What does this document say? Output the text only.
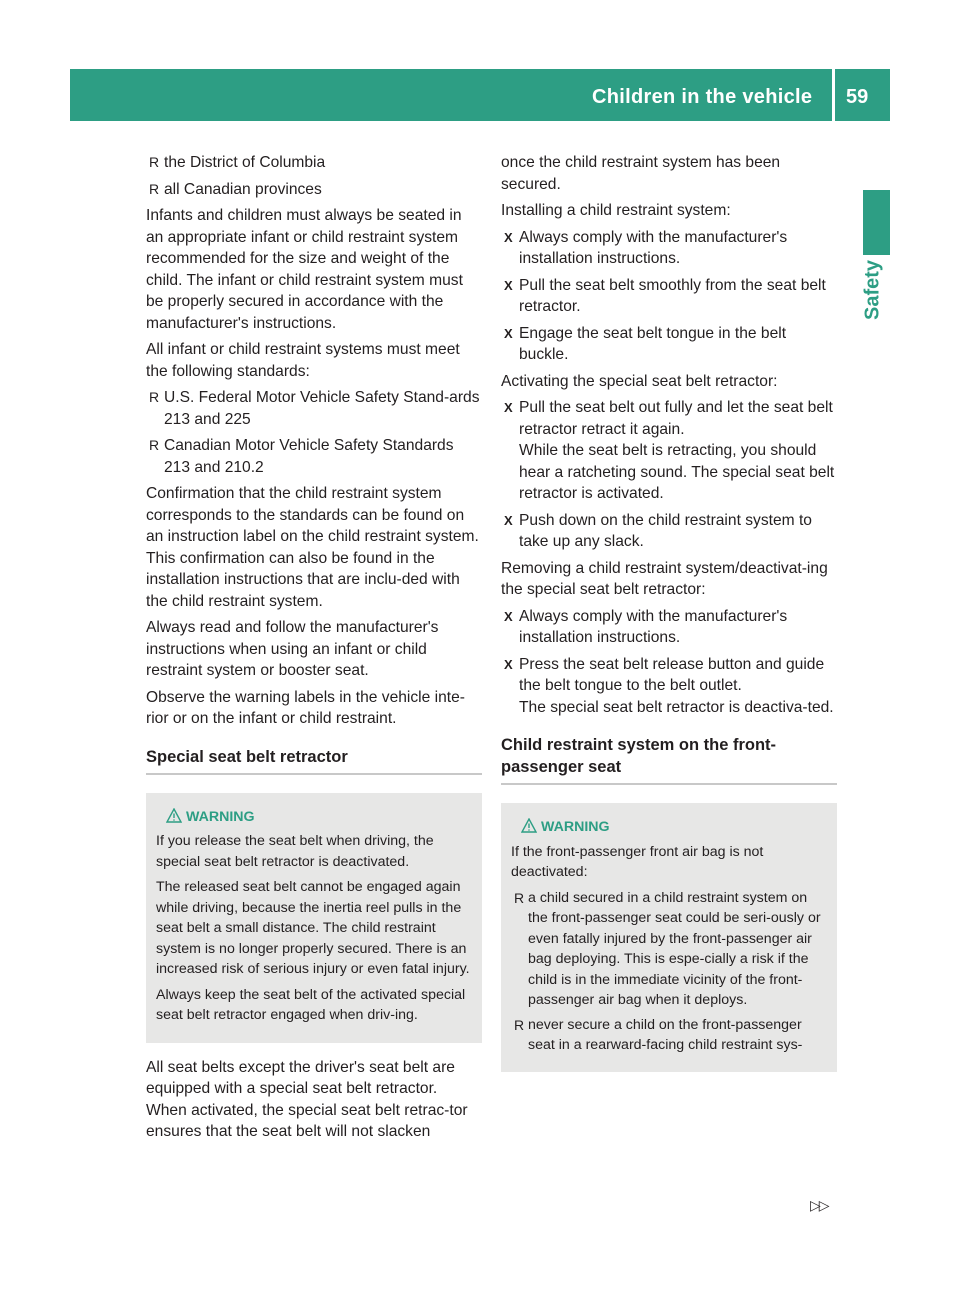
Children in the vehicle	59
Safety
R the District of Columbia
R all Canadian provinces
Infants and children must always be seated in an appropriate infant or child restraint system recommended for the size and weight of the child. The infant or child restraint system must be properly secured in accordance with the manufacturer's instructions.
All infant or child restraint systems must meet the following standards:
R U.S. Federal Motor Vehicle Safety Stand-ards 213 and 225
R Canadian Motor Vehicle Safety Standards 213 and 210.2
Confirmation that the child restraint system corresponds to the standards can be found on an instruction label on the child restraint system. This confirmation can also be found in the installation instructions that are inclu-ded with the child restraint system.
Always read and follow the manufacturer's instructions when using an infant or child restraint system or booster seat.
Observe the warning labels in the vehicle inte-rior or on the infant or child restraint.
Special seat belt retractor
WARNING
If you release the seat belt when driving, the special seat belt retractor is deactivated.
The released seat belt cannot be engaged again while driving, because the inertia reel pulls in the seat belt a small distance. The child restraint system is no longer properly secured. There is an increased risk of serious injury or even fatal injury.
Always keep the seat belt of the activated special seat belt retractor engaged when driv-ing.
All seat belts except the driver's seat belt are equipped with a special seat belt retractor. When activated, the special seat belt retrac-tor ensures that the seat belt will not slacken
once the child restraint system has been secured.
Installing a child restraint system:
X Always comply with the manufacturer's installation instructions.
X Pull the seat belt smoothly from the seat belt retractor.
X Engage the seat belt tongue in the belt buckle.
Activating the special seat belt retractor:
X Pull the seat belt out fully and let the seat belt retractor retract it again.
While the seat belt is retracting, you should hear a ratcheting sound. The special seat belt retractor is activated.
X Push down on the child restraint system to take up any slack.
Removing a child restraint system/deactivat-ing the special seat belt retractor:
X Always comply with the manufacturer's installation instructions.
X Press the seat belt release button and guide the belt tongue to the belt outlet.
The special seat belt retractor is deactiva-ted.
Child restraint system on the front-passenger seat
WARNING
If the front-passenger front air bag is not deactivated:
R a child secured in a child restraint system on the front-passenger seat could be seri-ously or even fatally injured by the front-passenger air bag deploying. This is espe-cially a risk if the child is in the immediate vicinity of the front-passenger air bag when it deploys.
R never secure a child on the front-passenger seat in a rearward-facing child restraint sys-
▷▷
